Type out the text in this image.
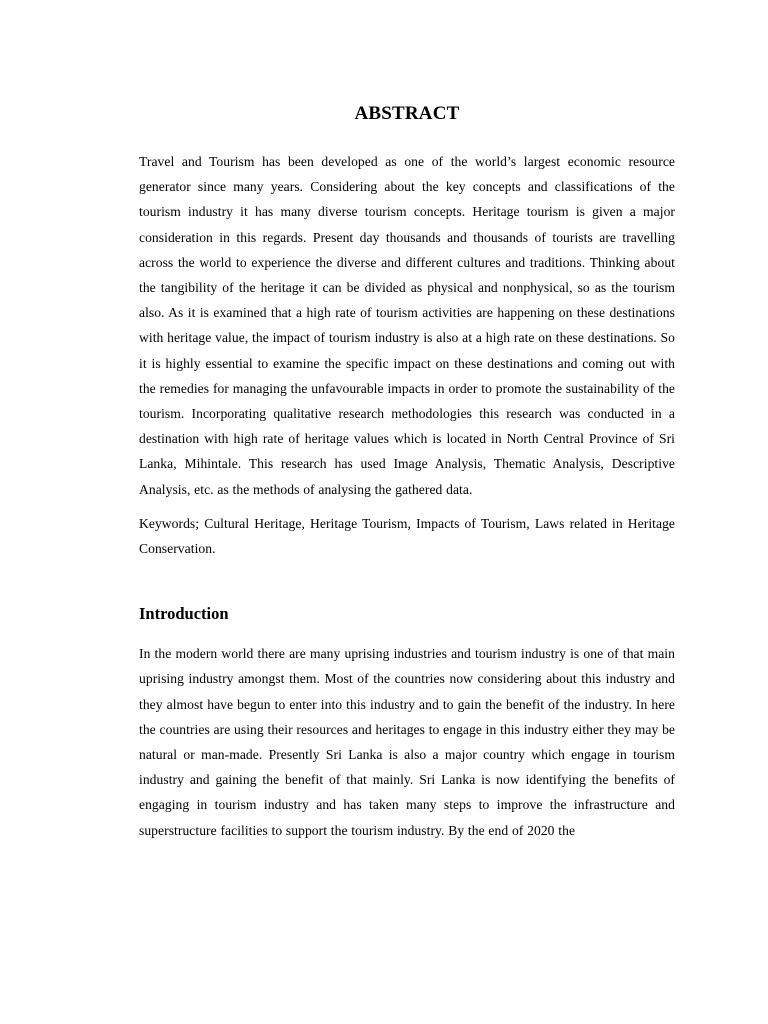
ABSTRACT

Travel and Tourism has been developed as one of the world’s largest economic resource generator since many years. Considering about the key concepts and classifications of the tourism industry it has many diverse tourism concepts. Heritage tourism is given a major consideration in this regards. Present day thousands and thousands of tourists are travelling across the world to experience the diverse and different cultures and traditions. Thinking about the tangibility of the heritage it can be divided as physical and nonphysical, so as the tourism also. As it is examined that a high rate of tourism activities are happening on these destinations with heritage value, the impact of tourism industry is also at a high rate on these destinations. So it is highly essential to examine the specific impact on these destinations and coming out with the remedies for managing the unfavourable impacts in order to promote the sustainability of the tourism. Incorporating qualitative research methodologies this research was conducted in a destination with high rate of heritage values which is located in North Central Province of Sri Lanka, Mihintale. This research has used Image Analysis, Thematic Analysis, Descriptive Analysis, etc. as the methods of analysing the gathered data.

Keywords; Cultural Heritage, Heritage Tourism, Impacts of Tourism, Laws related in Heritage Conservation.

Introduction

In the modern world there are many uprising industries and tourism industry is one of that main uprising industry amongst them. Most of the countries now considering about this industry and they almost have begun to enter into this industry and to gain the benefit of the industry. In here the countries are using their resources and heritages to engage in this industry either they may be natural or man-made. Presently Sri Lanka is also a major country which engage in tourism industry and gaining the benefit of that mainly. Sri Lanka is now identifying the benefits of engaging in tourism industry and has taken many steps to improve the infrastructure and superstructure facilities to support the tourism industry. By the end of 2020 the
